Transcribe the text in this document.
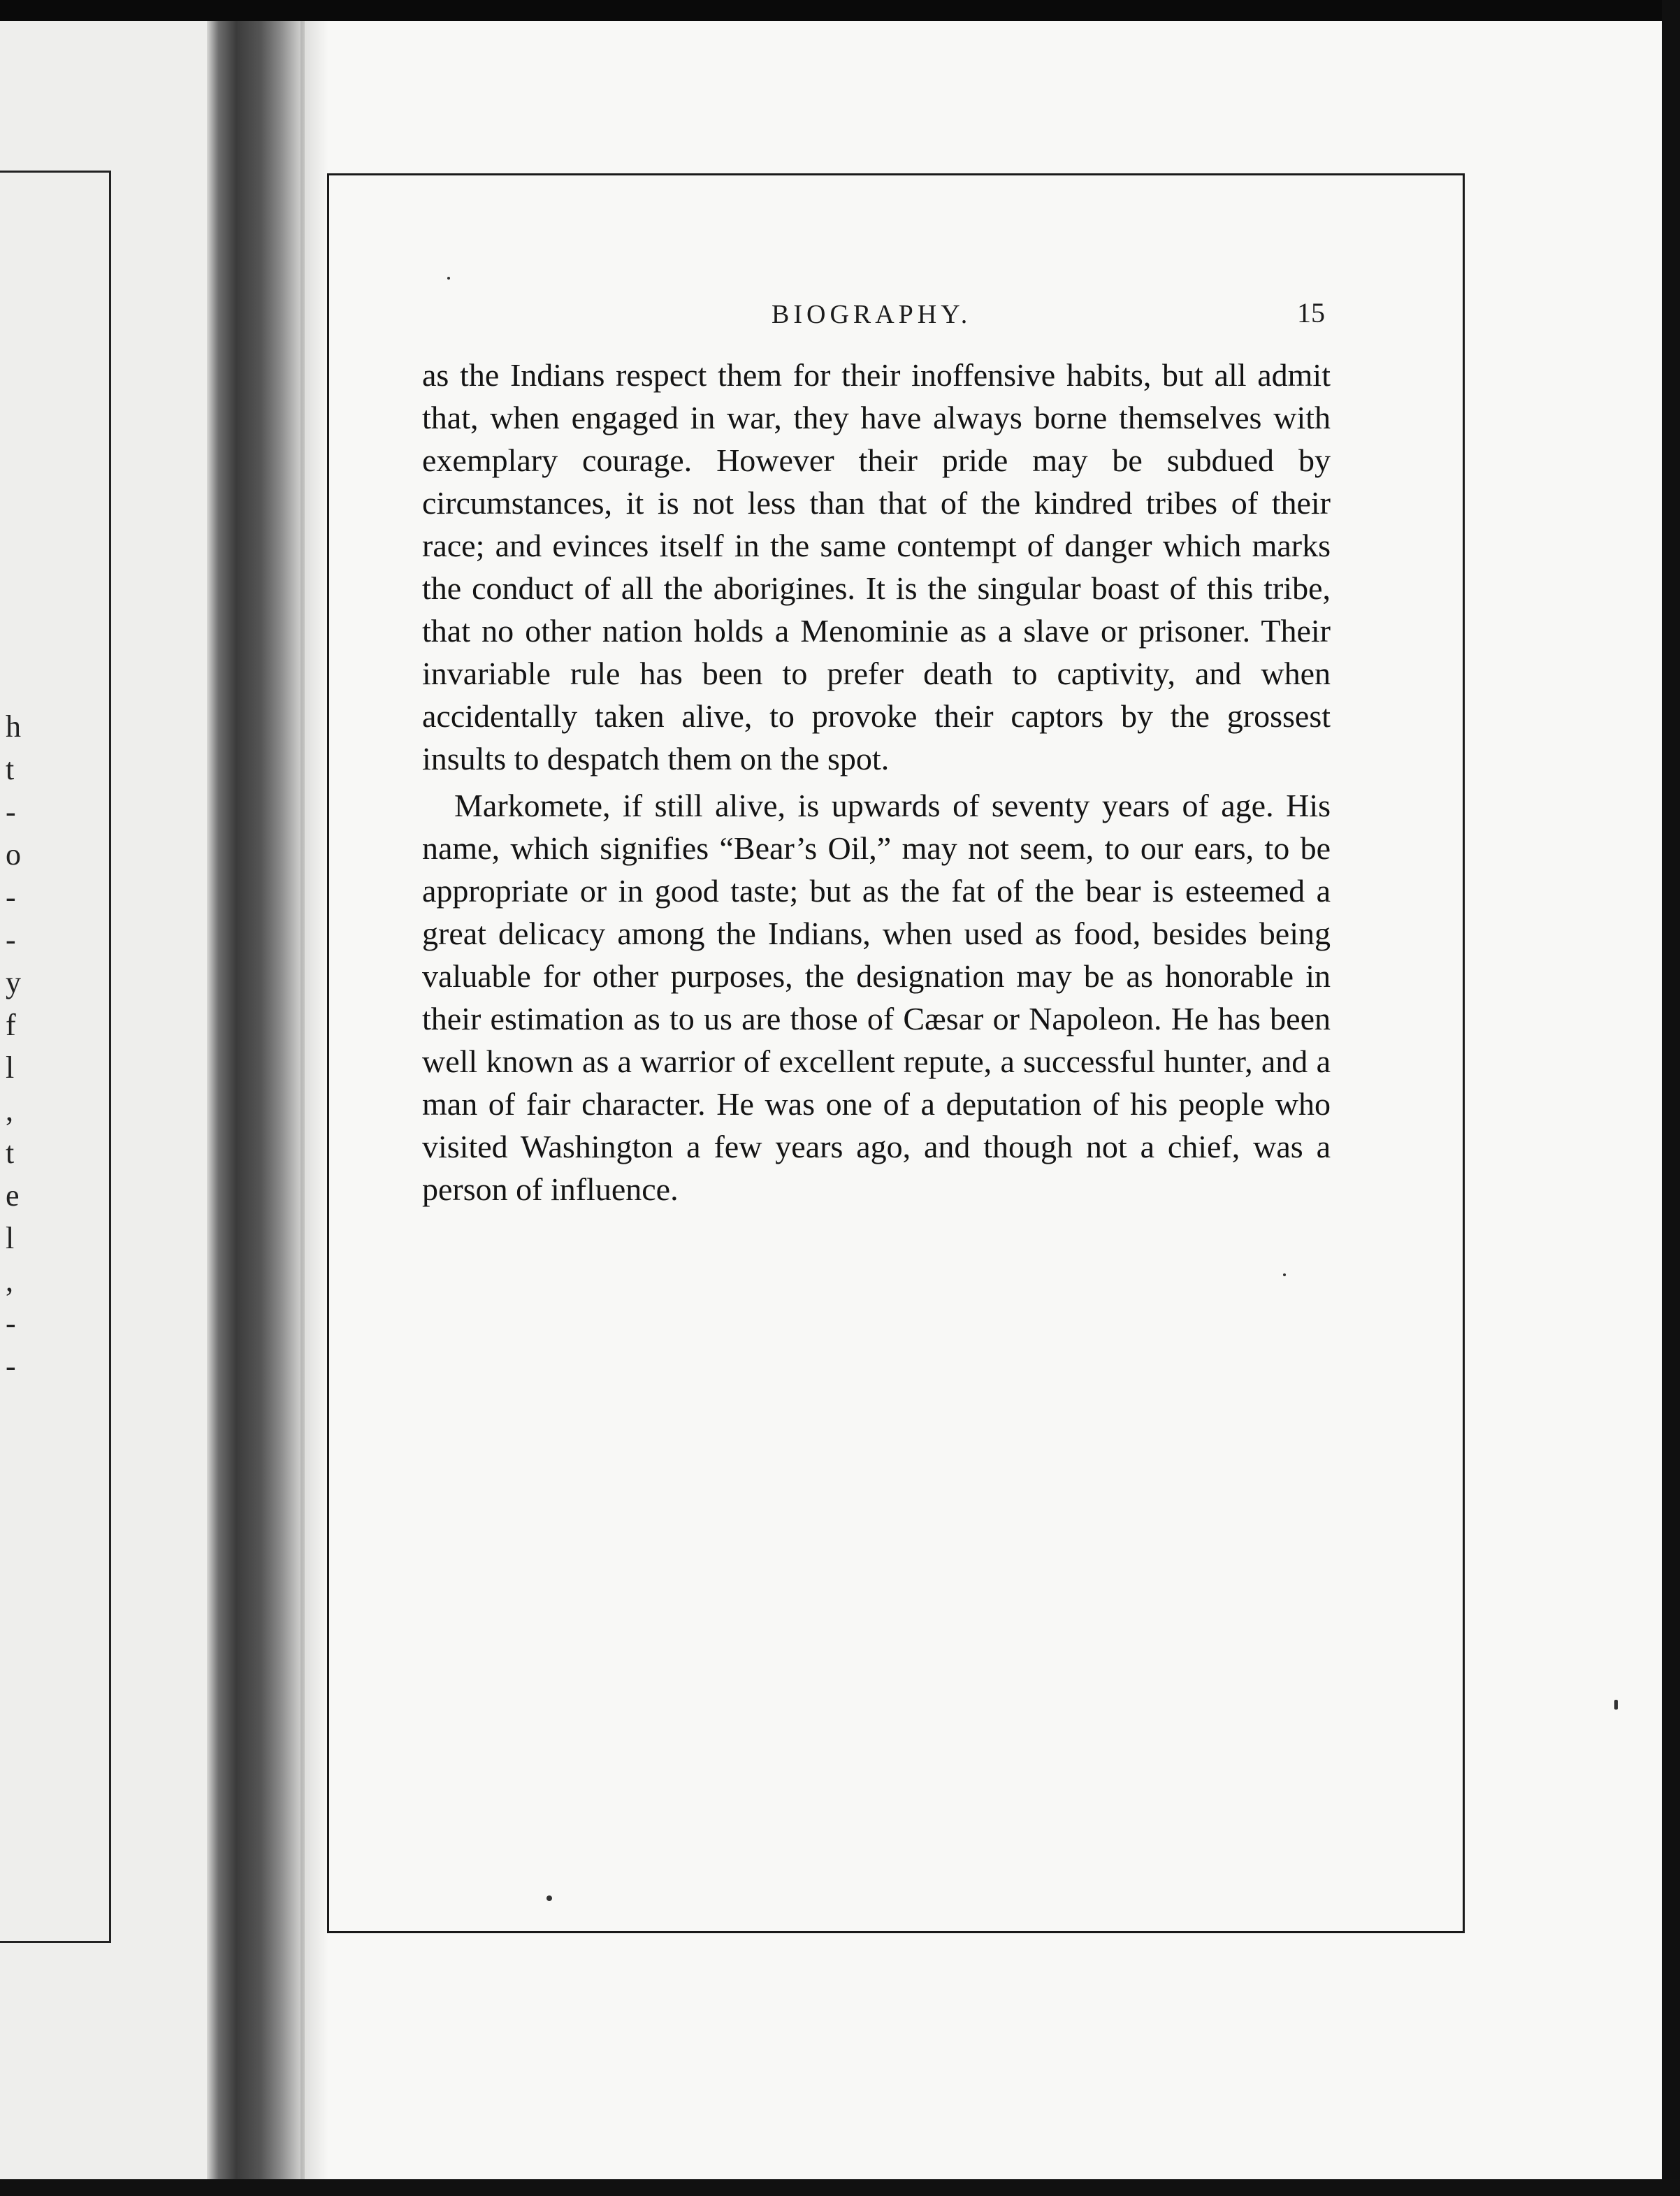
h
t
-
o
-
-
y
f
l
,
t
e
l
,
-
-
BIOGRAPHY.	15

as the Indians respect them for their inoffensive habits, but all admit that, when engaged in war, they have always borne themselves with exemplary courage. However their pride may be subdued by circumstances, it is not less than that of the kindred tribes of their race; and evinces itself in the same contempt of danger which marks the conduct of all the aborigines. It is the singular boast of this tribe, that no other nation holds a Menominie as a slave or prisoner. Their invariable rule has been to prefer death to captivity, and when accidentally taken alive, to provoke their captors by the grossest insults to despatch them on the spot.

Markomete, if still alive, is upwards of seventy years of age. His name, which signifies “Bear’s Oil,” may not seem, to our ears, to be appropriate or in good taste; but as the fat of the bear is esteemed a great delicacy among the Indians, when used as food, besides being valuable for other purposes, the designation may be as honorable in their estimation as to us are those of Cæsar or Napoleon. He has been well known as a warrior of excellent repute, a successful hunter, and a man of fair character. He was one of a deputation of his people who visited Washington a few years ago, and though not a chief, was a person of influence.
